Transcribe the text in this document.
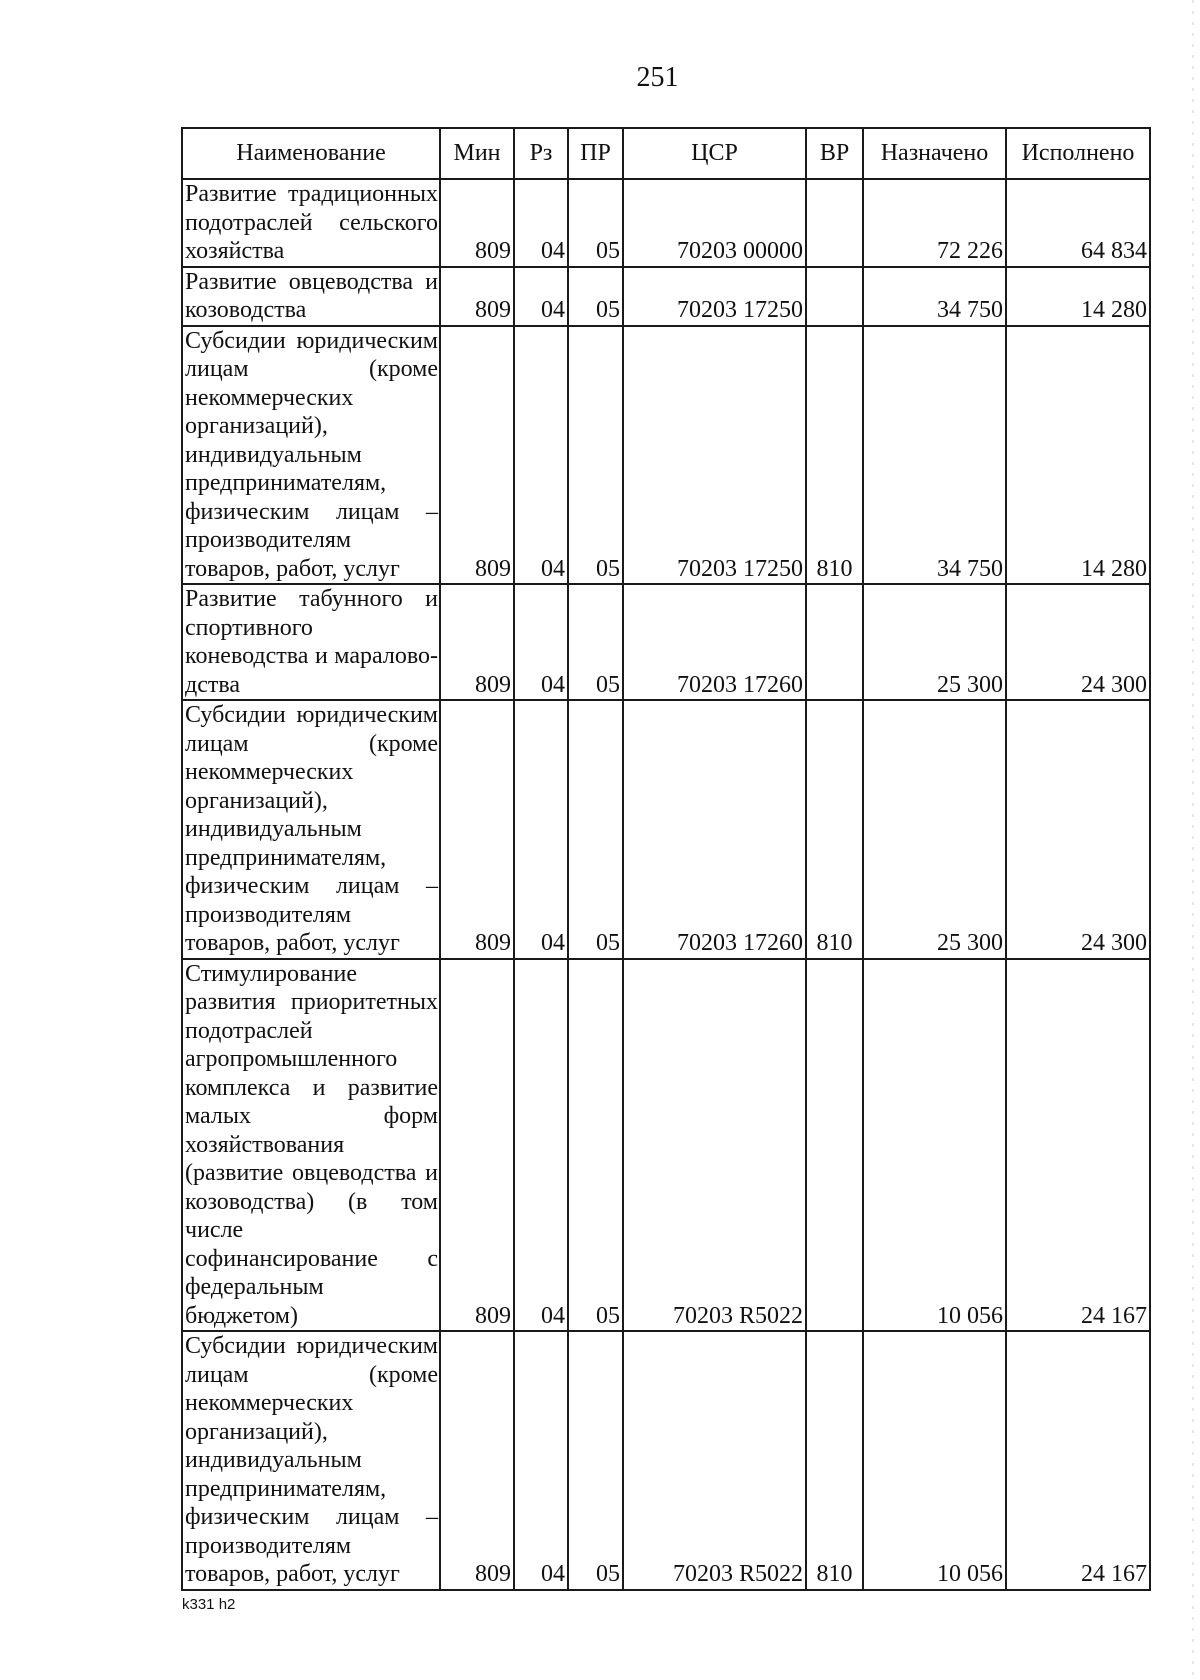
251
Наименование	Мин	Рз	ПР	ЦСР	ВР	Назначено	Исполнено
Развитие традиционных подотраслей сельского хозяйства	809	04	05	70203 00000		72 226	64 834
Развитие овцеводства и козоводства	809	04	05	70203 17250		34 750	14 280
Субсидии юридическим лицам (кроме некоммерческих организаций), индивидуальным предпринимателям, физическим лицам – производителям товаров, работ, услуг	809	04	05	70203 17250	810	34 750	14 280
Развитие табунного и спортивного коневодства и мараловодства	809	04	05	70203 17260		25 300	24 300
Субсидии юридическим лицам (кроме некоммерческих организаций), индивидуальным предпринимателям, физическим лицам – производителям товаров, работ, услуг	809	04	05	70203 17260	810	25 300	24 300
Стимулирование развития приоритетных подотраслей агропромышленного комплекса и развитие малых форм хозяйствования (развитие овцеводства и козоводства) (в том числе софинансирование с федеральным бюджетом)	809	04	05	70203 R5022		10 056	24 167
Субсидии юридическим лицам (кроме некоммерческих организаций), индивидуальным предпринимателям, физическим лицам – производителям товаров, работ, услуг	809	04	05	70203 R5022	810	10 056	24 167
k331 h2
